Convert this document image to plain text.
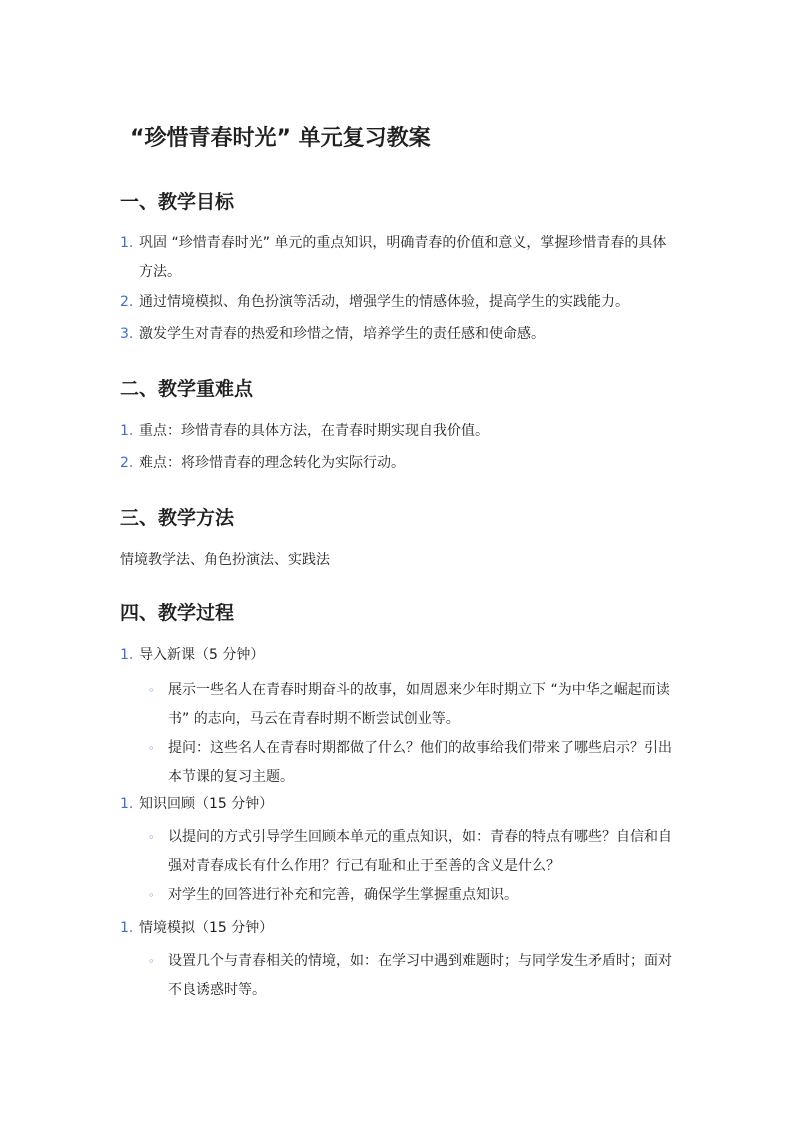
“珍惜青春时光” 单元复习教案
一、教学目标
1. 巩固 “珍惜青春时光” 单元的重点知识，明确青春的价值和意义，掌握珍惜青春的具体方法。
2. 通过情境模拟、角色扮演等活动，增强学生的情感体验，提高学生的实践能力。
3. 激发学生对青春的热爱和珍惜之情，培养学生的责任感和使命感。
二、教学重难点
1. 重点：珍惜青春的具体方法，在青春时期实现自我价值。
2. 难点：将珍惜青春的理念转化为实际行动。
三、教学方法

情境教学法、角色扮演法、实践法

四、教学过程
1. 导入新课（5 分钟）
◦ 展示一些名人在青春时期奋斗的故事，如周恩来少年时期立下 “为中华之崛起而读书” 的志向，马云在青春时期不断尝试创业等。
◦ 提问：这些名人在青春时期都做了什么？他们的故事给我们带来了哪些启示？引出本节课的复习主题。
1. 知识回顾（15 分钟）
◦ 以提问的方式引导学生回顾本单元的重点知识，如：青春的特点有哪些？自信和自强对青春成长有什么作用？行己有耻和止于至善的含义是什么？
◦ 对学生的回答进行补充和完善，确保学生掌握重点知识。
1. 情境模拟（15 分钟）
◦ 设置几个与青春相关的情境，如：在学习中遇到难题时；与同学发生矛盾时；面对不良诱惑时等。
